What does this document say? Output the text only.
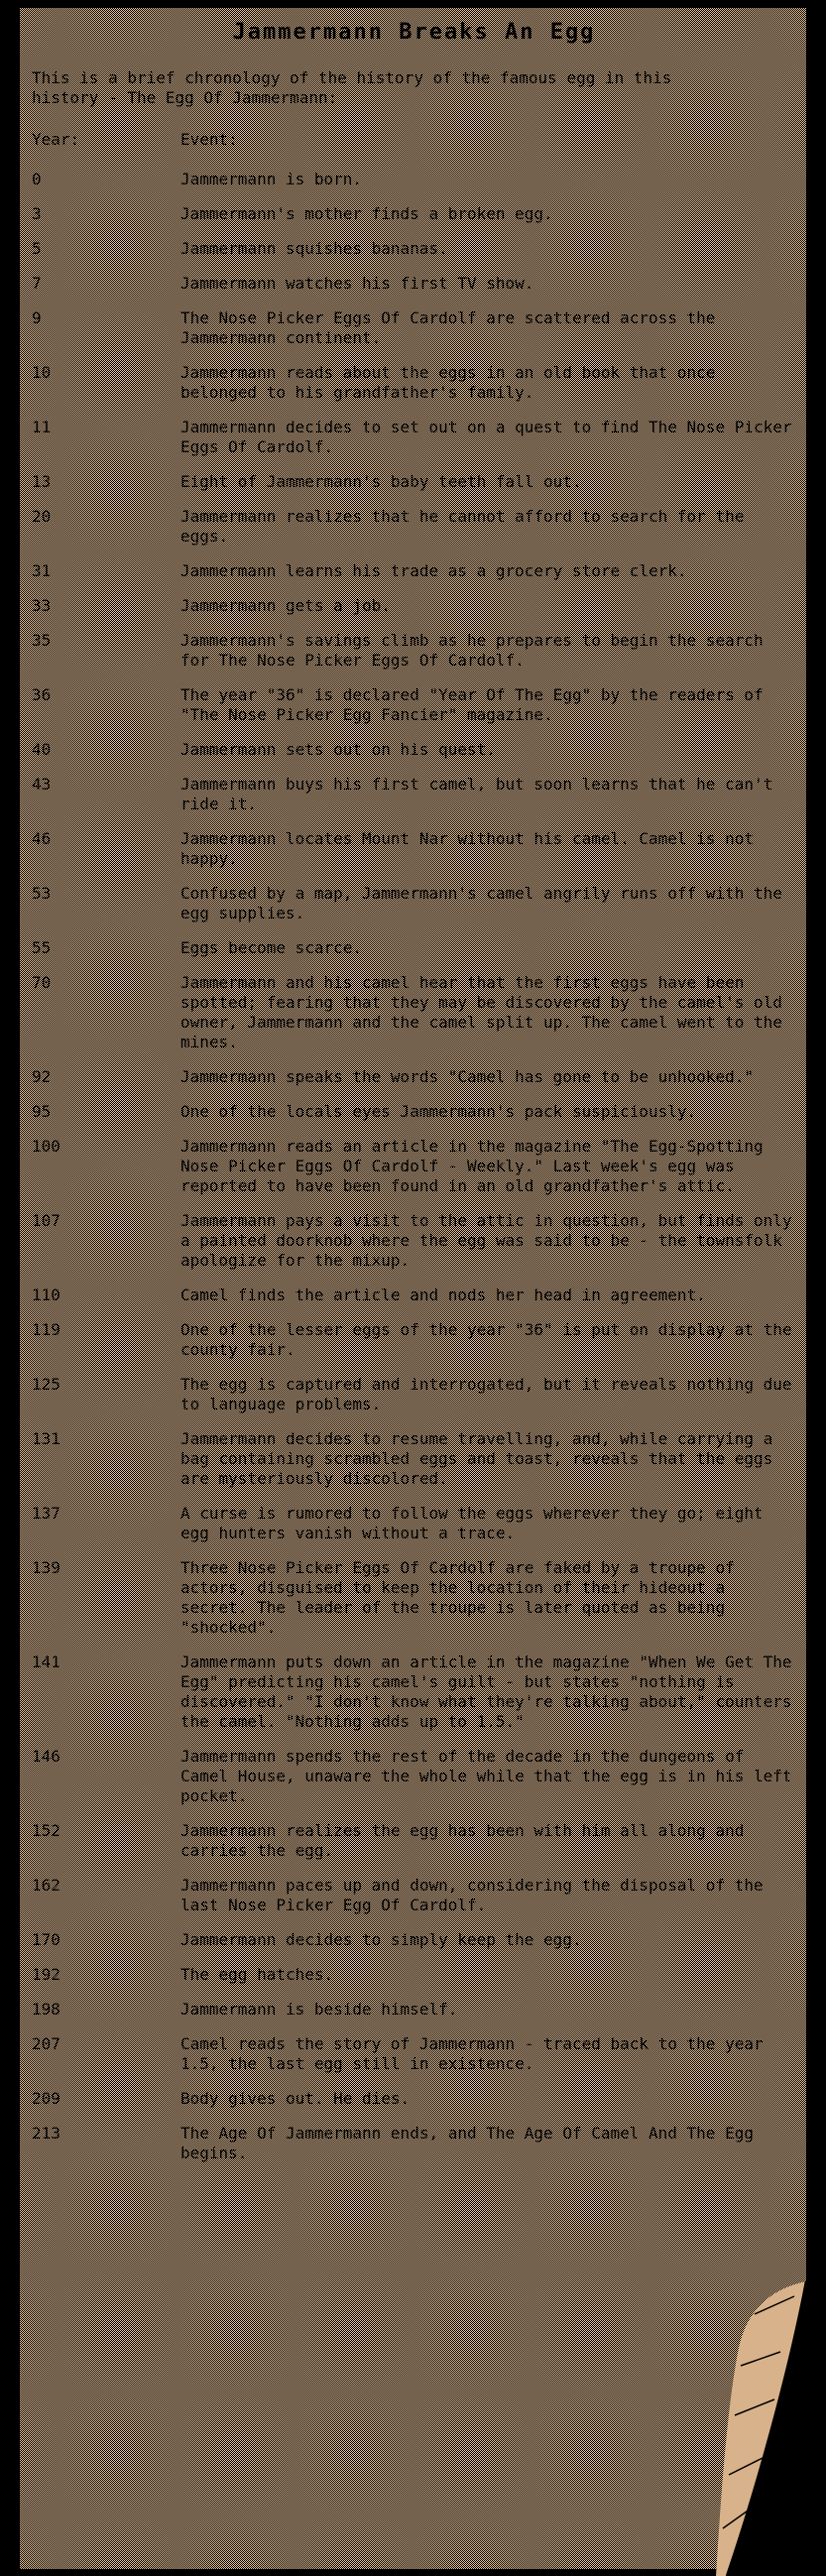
Jammermann Breaks An Egg
This is a brief chronology of the history of the famous egg in this history - The Egg Of Jammermann:
Year:	Event:
0	Jammermann is born.
3	Jammermann's mother finds a broken egg.
5	Jammermann squishes bananas.
7	Jammermann watches his first TV show.
9	The Nose Picker Eggs Of Cardolf are scattered across the Jammermann continent.
10	Jammermann reads about the eggs in an old book that once belonged to his grandfather's family.
11	Jammermann decides to set out on a quest to find The Nose Picker Eggs Of Cardolf.
13	Eight of Jammermann's baby teeth fall out.
20	Jammermann realizes that he cannot afford to search for the eggs.
31	Jammermann learns his trade as a grocery store clerk.
33	Jammermann gets a job.
35	Jammermann's savings climb as he prepares to begin the search for The Nose Picker Eggs Of Cardolf.
36	The year "36" is declared "Year Of The Egg" by the readers of "The Nose Picker Egg Fancier" magazine.
40	Jammermann sets out on his quest.
43	Jammermann buys his first camel, but soon learns that he can't ride it.
46	Jammermann locates Mount Nar without his camel. Camel is not happy.
53	Confused by a map, Jammermann's camel angrily runs off with the egg supplies.
55	Eggs become scarce.
70	Jammermann and his camel hear that the first eggs have been spotted; fearing that they may be discovered by the camel's old owner, Jammermann and the camel split up. The camel went to the mines.
92	Jammermann speaks the words "Camel has gone to be unhooked."
95	One of the locals eyes Jammermann's pack suspiciously.
100	Jammermann reads an article in the magazine "The Egg-Spotting Nose Picker Eggs Of Cardolf - Weekly." Last week's egg was reported to have been found in an old grandfather's attic.
107	Jammermann pays a visit to the attic in question, but finds only a painted doorknob where the egg was said to be - the townsfolk apologize for the mixup.
110	Camel finds the article and nods her head in agreement.
119	One of the lesser eggs of the year "36" is put on display at the county fair.
125	The egg is captured and interrogated, but it reveals nothing due to language problems.
131	Jammermann decides to resume travelling, and, while carrying a bag containing scrambled eggs and toast, reveals that the eggs are mysteriously discolored.
137	A curse is rumored to follow the eggs wherever they go; eight egg hunters vanish without a trace.
139	Three Nose Picker Eggs Of Cardolf are faked by a troupe of actors, disguised to keep the location of their hideout a secret. The leader of the troupe is later quoted as being "shocked".
141	Jammermann puts down an article in the magazine "When We Get The Egg" predicting his camel's guilt - but states "nothing is discovered." "I don't know what they're talking about," counters the camel. "Nothing adds up to 1.5."
146	Jammermann spends the rest of the decade in the dungeons of Camel House, unaware the whole while that the egg is in his left pocket.
152	Jammermann realizes the egg has been with him all along and carries the egg.
162	Jammermann paces up and down, considering the disposal of the last Nose Picker Egg Of Cardolf.
170	Jammermann decides to simply keep the egg.
192	The egg hatches.
198	Jammermann is beside himself.
207	Camel reads the story of Jammermann - traced back to the year 1.5, the last egg still in existence.
209	Body gives out. He dies.
213	The Age Of Jammermann ends, and The Age Of Camel And The Egg begins.
